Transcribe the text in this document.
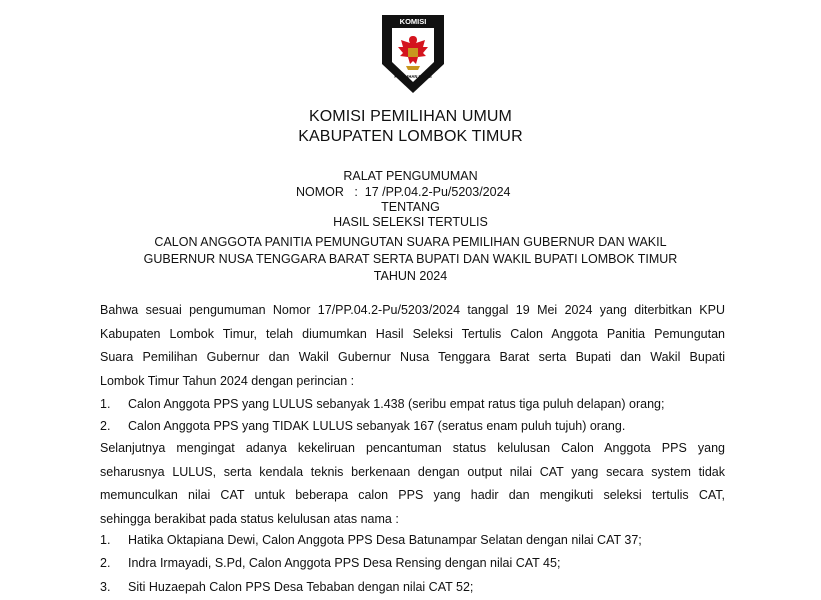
KOMISI
PEMILIHAN UMUM
KOMISI PEMILIHAN UMUM
KABUPATEN LOMBOK TIMUR
RALAT PENGUMUMAN
NOMOR   :  17 /PP.04.2-Pu/5203/2024
TENTANG
HASIL SELEKSI TERTULIS
CALON ANGGOTA PANITIA PEMUNGUTAN SUARA PEMILIHAN GUBERNUR DAN WAKIL
GUBERNUR NUSA TENGGARA BARAT SERTA BUPATI DAN WAKIL BUPATI LOMBOK TIMUR
TAHUN 2024
Bahwa sesuai pengumuman Nomor 17/PP.04.2-Pu/5203/2024 tanggal 19 Mei 2024 yang diterbitkan KPU
Kabupaten Lombok Timur, telah diumumkan Hasil Seleksi Tertulis Calon Anggota Panitia Pemungutan
Suara Pemilihan Gubernur dan Wakil Gubernur Nusa Tenggara Barat serta Bupati dan Wakil Bupati
Lombok Timur Tahun 2024 dengan perincian :
1. Calon Anggota PPS yang LULUS sebanyak 1.438 (seribu empat ratus tiga puluh delapan) orang;
2. Calon Anggota PPS yang TIDAK LULUS sebanyak 167 (seratus enam puluh tujuh) orang.
Selanjutnya mengingat adanya kekeliruan pencantuman status kelulusan Calon Anggota PPS yang
seharusnya LULUS, serta kendala teknis berkenaan dengan output nilai CAT yang secara system tidak
memunculkan nilai CAT untuk beberapa calon PPS yang hadir dan mengikuti seleksi tertulis CAT,
sehingga berakibat pada status kelulusan atas nama :
1. Hatika Oktapiana Dewi, Calon Anggota PPS Desa Batunampar Selatan dengan nilai CAT 37;
2. Indra Irmayadi, S.Pd, Calon Anggota PPS Desa Rensing dengan nilai CAT 45;
3. Siti Huzaepah Calon PPS Desa Tebaban dengan nilai CAT 52;
